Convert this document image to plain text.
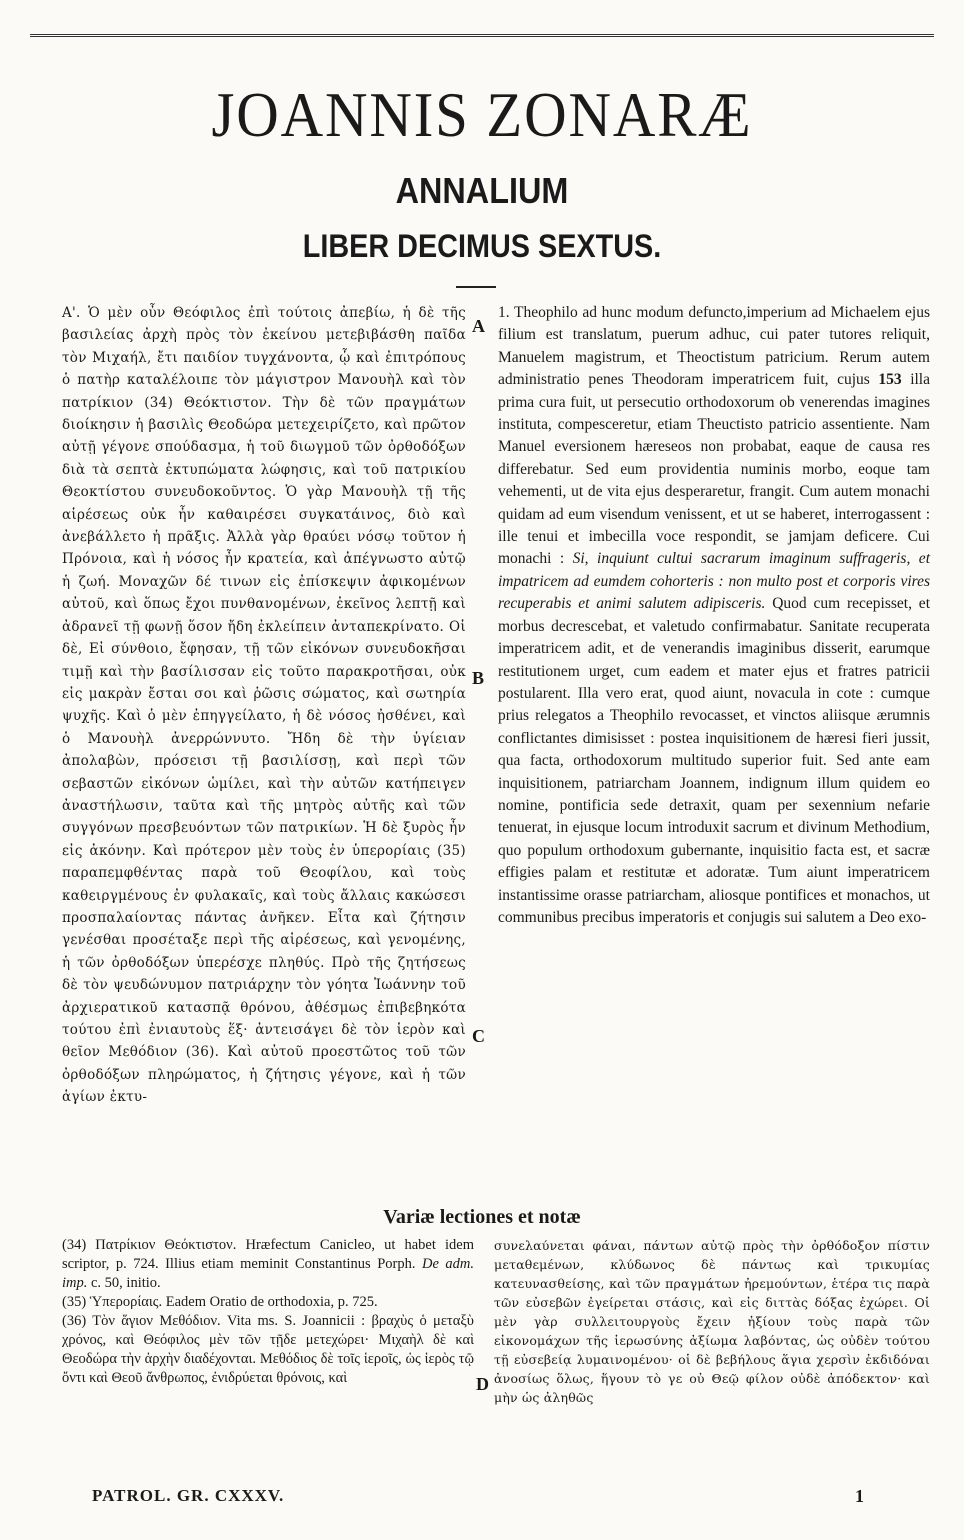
JOANNIS ZONARÆ
ANNALIUM
LIBER DECIMUS SEXTUS.

Α'. Ὁ μὲν οὖν Θεόφιλος ἐπὶ τούτοις ἀπεβίω, ἡ δὲ τῆς βασιλείας ἀρχὴ πρὸς τὸν ἐκείνου μετεβιβάσθη παῖδα τὸν Μιχαήλ, ἔτι παιδίον τυγχάνοντα, ᾧ καὶ ἐπιτρόπους ὁ πατὴρ καταλέλοιπε τὸν μάγιστρον Μανουὴλ καὶ τὸν πατρίκιον (34) Θεόκτιστον. Τὴν δὲ τῶν πραγμάτων διοίκησιν ἡ βασιλὶς Θεοδώρα μετεχειρίζετο, καὶ πρῶτον αὐτῇ γέγονε σπούδασμα, ἡ τοῦ διωγμοῦ τῶν ὀρθοδόξων διὰ τὰ σεπτὰ ἐκτυπώματα λώφησις, καὶ τοῦ πατρικίου Θεοκτίστου συνευδοκοῦντος. Ὁ γὰρ Μανουὴλ τῇ τῆς αἱρέσεως οὐκ ἦν καθαιρέσει συγκατάινος, διὸ καὶ ἀνεβάλλετο ἡ πρᾶξις. Ἀλλὰ γὰρ θραύει νόσῳ τοῦτον ἡ Πρόνοια, καὶ ἡ νόσος ἦν κρατεία, καὶ ἀπέγνωστο αὐτῷ ἡ ζωή. Μοναχῶν δέ τινων εἰς ἐπίσκεψιν ἀφικομένων αὐτοῦ, καὶ ὅπως ἔχοι πυνθανομένων, ἐκεῖνος λεπτῇ καὶ ἀδρανεῖ τῇ φωνῇ ὅσον ἤδη ἐκλείπειν ἀνταπεκρίνατο. Οἱ δὲ, Εἰ σύνθοιο, ἔφησαν, τῇ τῶν εἰκόνων συνευδοκῆσαι τιμῇ καὶ τὴν βασίλισσαν εἰς τοῦτο παρακροτῆσαι, οὐκ εἰς μακρὰν ἔσται σοι καὶ ῥῶσις σώματος, καὶ σωτηρία ψυχῆς. Καὶ ὁ μὲν ἐπηγγείλατο, ἡ δὲ νόσος ἠσθένει, καὶ ὁ Μανουὴλ ἀνερρώννυτο. Ἤδη δὲ τὴν ὑγίειαν ἀπολαβὼν, πρόσεισι τῇ βασιλίσσῃ, καὶ περὶ τῶν σεβαστῶν εἰκόνων ὡμίλει, καὶ τὴν αὐτῶν κατήπειγεν ἀναστήλωσιν, ταῦτα καὶ τῆς μητρὸς αὐτῆς καὶ τῶν συγγόνων πρεσβευόντων τῶν πατρικίων. Ἡ δὲ ξυρὸς ἦν εἰς ἀκόνην. Καὶ πρότερον μὲν τοὺς ἐν ὑπερορίαις (35) παραπεμφθέντας παρὰ τοῦ Θεοφίλου, καὶ τοὺς καθειργμένους ἐν φυλακαῖς, καὶ τοὺς ἄλλαις κακώσεσι προσπαλαίοντας πάντας ἀνῆκεν. Εἶτα καὶ ζήτησιν γενέσθαι προσέταξε περὶ τῆς αἱρέσεως, καὶ γενομένης, ἡ τῶν ὀρθοδόξων ὑπερέσχε πληθύς. Πρὸ τῆς ζητήσεως δὲ τὸν ψευδώνυμον πατριάρχην τὸν γόητα Ἰωάννην τοῦ ἀρχιερατικοῦ κατασπᾷ θρόνου, ἀθέσμως ἐπιβεβηκότα τούτου ἐπὶ ἐνιαυτοὺς ἕξ· ἀντεισάγει δὲ τὸν ἱερὸν καὶ θεῖον Μεθόδιον (36). Καὶ αὐτοῦ προεστῶτος τοῦ τῶν ὀρθοδόξων πληρώματος, ἡ ζήτησις γέγονε, καὶ ἡ τῶν ἁγίων ἐκτυ-

A
B
C
D

1. Theophilo ad hunc modum defuncto,imperium ad Michaelem ejus filium est translatum, puerum adhuc, cui pater tutores reliquit, Manuelem magistrum, et Theoctistum patricium. Rerum autem administratio penes Theodoram imperatricem fuit, cujus 153 illa prima cura fuit, ut persecutio orthodoxorum ob venerendas imagines instituta, compesceretur, etiam Theuctisto patricio assentiente. Nam Manuel eversionem hæreseos non probabat, eaque de causa res differebatur. Sed eum providentia numinis morbo, eoque tam vehementi, ut de vita ejus desperaretur, frangit. Cum autem monachi quidam ad eum visendum venissent, et ut se haberet, interrogassent : ille tenui et imbecilla voce respondit, se jamjam deficere. Cui monachi : Si, inquiunt cultui sacrarum imaginum suffrageris, et impatricem ad eumdem cohorteris : non multo post et corporis vires recuperabis et animi salutem adipisceris. Quod cum recepisset, et morbus decrescebat, et valetudo confirmabatur. Sanitate recuperata imperatricem adit, et de venerandis imaginibus disserit, earumque restitutionem urget, cum eadem et mater ejus et fratres patricii postularent. Illa vero erat, quod aiunt, novacula in cote : cumque prius relegatos a Theophilo revocasset, et vinctos aliisque ærumnis conflictantes dimisisset : postea inquisitionem de hæresi fieri jussit, qua facta, orthodoxorum multitudo superior fuit. Sed ante eam inquisitionem, patriarcham Joannem, indignum illum quidem eo nomine, pontificia sede detraxit, quam per sexennium nefarie tenuerat, in ejusque locum introduxit sacrum et divinum Methodium, quo populum orthodoxum gubernante, inquisitio facta est, et sacræ effigies palam et restitutæ et adoratæ. Tum aiunt imperatricem instantissime orasse patriarcham, aliosque pontifices et monachos, ut communibus precibus imperatoris et conjugis sui salutem a Deo exo-

Variæ lectiones et notæ

(34) Πατρίκιον Θεόκτιστον. Hræfectum Canicleo, ut habet idem scriptor, p. 724. Illius etiam meminit Constantinus Porph. De adm. imp. c. 50, initio.

(35) Ὑπερορίαις. Eadem Oratio de orthodoxia, p. 725.

(36) Τὸν ἅγιον Μεθόδιον. Vita ms. S. Joannicii : βραχὺς ὁ μεταξὺ χρόνος, καὶ Θεόφιλος μὲν τῶν τῇδε μετεχώρει· Μιχαὴλ δὲ καὶ Θεοδώρα τὴν ἀρχὴν διαδέχονται. Μεθόδιος δὲ τοῖς ἱεροῖς, ὡς ἱερὸς τῷ ὄντι καὶ Θεοῦ ἄνθρωπος, ἐνιδρύεται θρόνοις, καὶ

συνελαύνεται φάναι, πάντων αὐτῷ πρὸς τὴν ὀρθόδοξον πίστιν μεταθεμένων, κλύδωνος δὲ πάντως καὶ τρικυμίας κατευνασθείσης, καὶ τῶν πραγμάτων ἠρεμούντων, ἑτέρα τις παρὰ τῶν εὐσεβῶν ἐγείρεται στάσις, καὶ εἰς διττὰς δόξας ἐχώρει. Οἱ μὲν γὰρ συλλειτουργοὺς ἔχειν ἠξίουν τοὺς παρὰ τῶν εἰκονομάχων τῆς ἱερωσύνης ἀξίωμα λαβόντας, ὡς οὐδὲν τούτου τῇ εὐσεβείᾳ λυμαινομένου· οἱ δὲ βεβήλους ἅγια χερσὶν ἐκδιδόναι ἀνοσίως ὅλως, ἥγουν τὸ γε οὐ Θεῷ φίλον οὐδὲ ἀπόδεκτον· καὶ μὴν ὡς ἀληθῶς

PATROL. GR. CXXXV.	1
